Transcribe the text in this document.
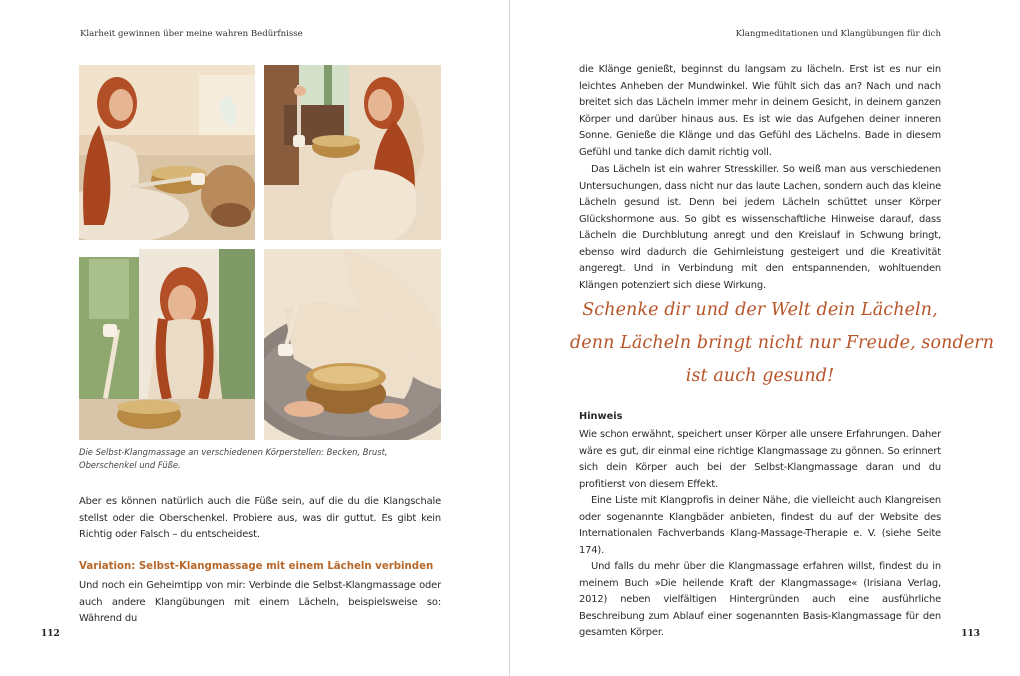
Klarheit gewinnen über meine wahren Bedürfnisse
Die Selbst-Klangmassage an verschiedenen Körperstellen: Becken, Brust, Oberschenkel und Füße.

Aber es können natürlich auch die Füße sein, auf die du die Klangschale stellst oder die Oberschenkel. Probiere aus, was dir guttut. Es gibt kein Richtig oder Falsch – du entscheidest.

Variation: Selbst-Klangmassage mit einem Lächeln verbinden

Und noch ein Geheimtipp von mir: Verbinde die Selbst-Klangmassage oder auch andere Klangübungen mit einem Lächeln, beispielsweise so: Während du

112
Klangmeditationen und Klangübungen für dich

die Klänge genießt, beginnst du langsam zu lächeln. Erst ist es nur ein leichtes Anheben der Mundwinkel. Wie fühlt sich das an? Nach und nach breitet sich das Lächeln immer mehr in deinem Gesicht, in deinem ganzen Körper und darüber hinaus aus. Es ist wie das Aufgehen deiner inneren Sonne. Genieße die Klänge und das Gefühl des Lächelns. Bade in diesem Gefühl und tanke dich damit richtig voll.

Das Lächeln ist ein wahrer Stresskiller. So weiß man aus verschiedenen Untersuchungen, dass nicht nur das laute Lachen, sondern auch das kleine Lächeln gesund ist. Denn bei jedem Lächeln schüttet unser Körper Glückshormone aus. So gibt es wissenschaftliche Hinweise darauf, dass Lächeln die Durchblutung anregt und den Kreislauf in Schwung bringt, ebenso wird dadurch die Gehirnleistung gesteigert und die Kreativität angeregt. Und in Verbindung mit den entspannenden, wohltuenden Klängen potenziert sich diese Wirkung.

Schenke dir und der Welt dein Lächeln,
denn Lächeln bringt nicht nur Freude, sondern
ist auch gesund!
Hinweis

Wie schon erwähnt, speichert unser Körper alle unsere Erfahrungen. Daher wäre es gut, dir einmal eine richtige Klangmassage zu gönnen. So erinnert sich dein Körper auch bei der Selbst-Klangmassage daran und du profitierst von diesem Effekt.

Eine Liste mit Klangprofis in deiner Nähe, die vielleicht auch Klangreisen oder sogenannte Klangbäder anbieten, findest du auf der Website des Internationalen Fachverbands Klang-Massage-Therapie e. V. (siehe Seite 174).

Und falls du mehr über die Klangmassage erfahren willst, findest du in meinem Buch »Die heilende Kraft der Klangmassage« (Irisiana Verlag, 2012) neben vielfältigen Hintergründen auch eine ausführliche Beschreibung zum Ablauf einer sogenannten Basis-Klangmassage für den gesamten Körper.	113
